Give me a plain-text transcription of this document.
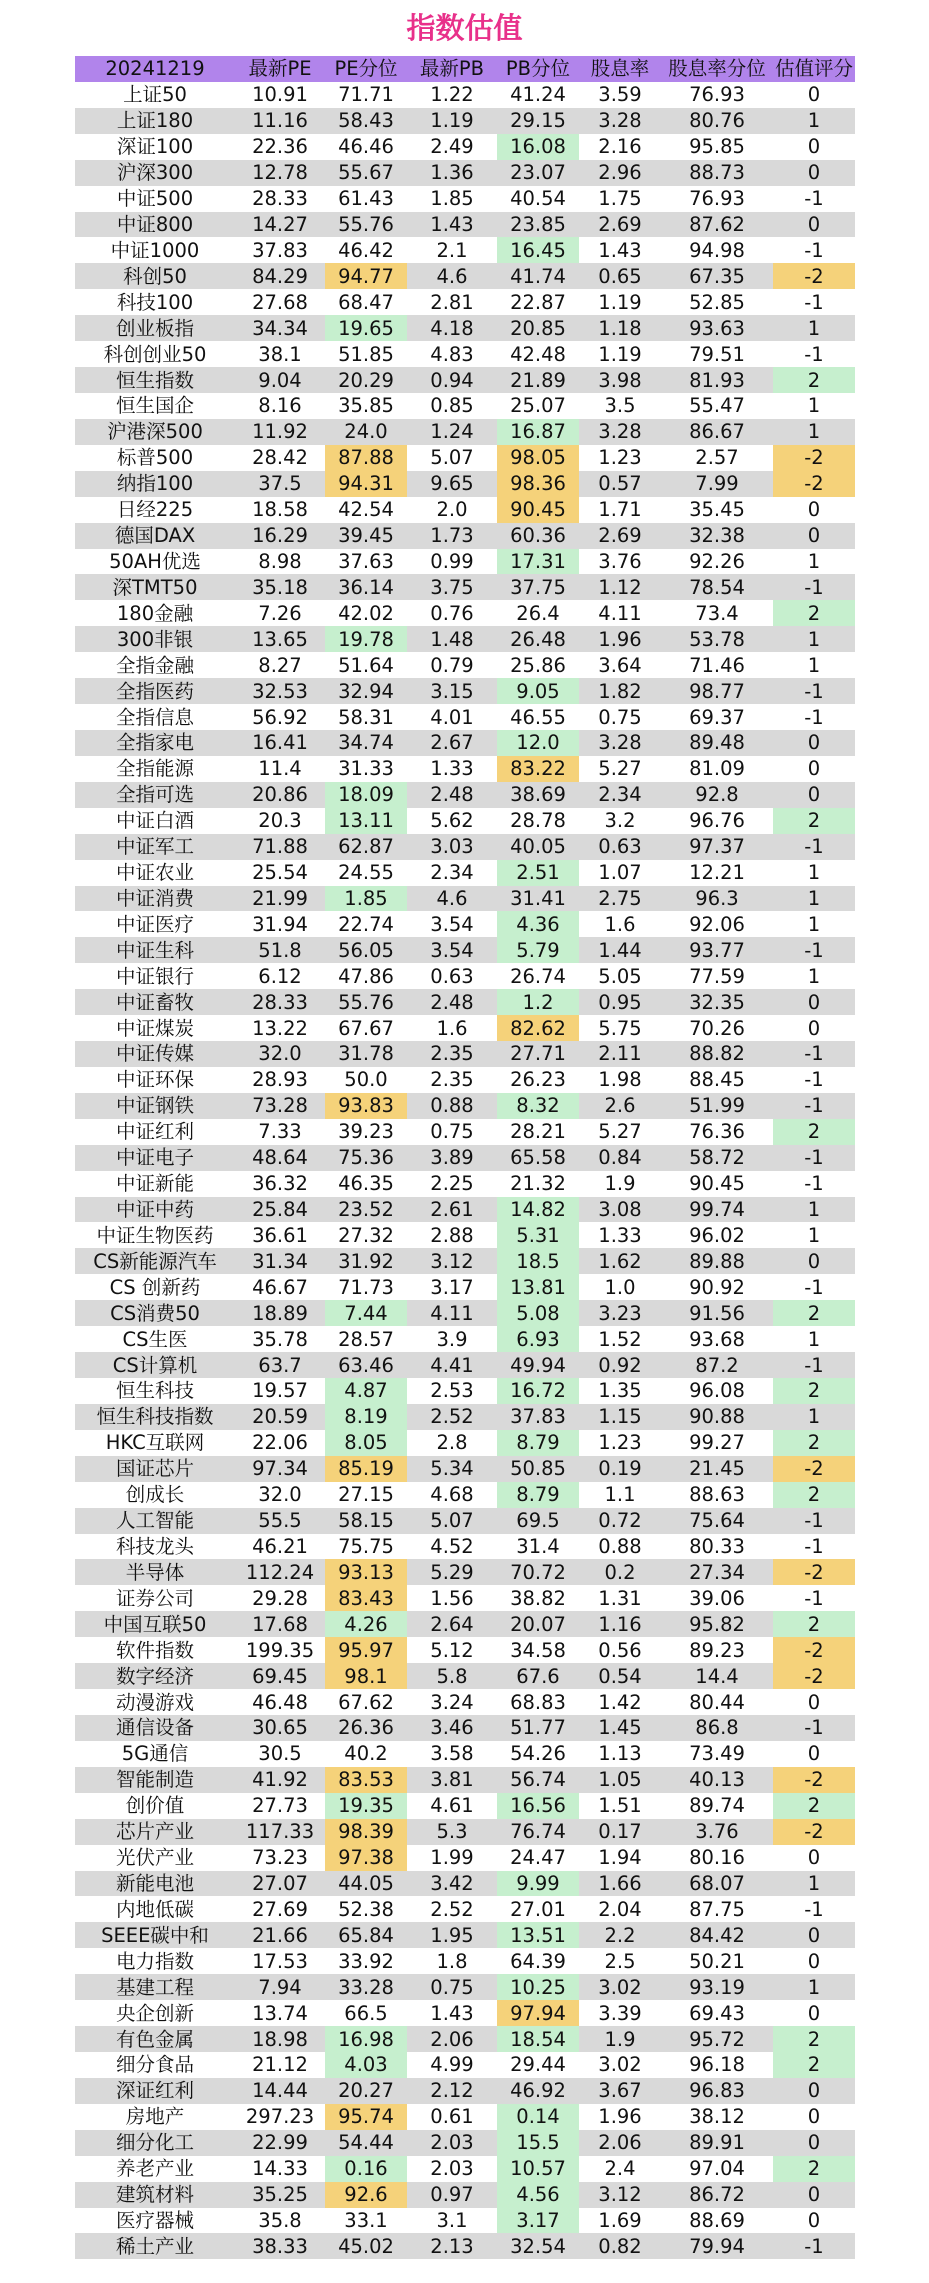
指数估值
20241219	最新PE	PE分位	最新PB	PB分位	股息率	股息率分位	估值评分
上证50	10.91	71.71	1.22	41.24	3.59	76.93	0
上证180	11.16	58.43	1.19	29.15	3.28	80.76	1
深证100	22.36	46.46	2.49	16.08	2.16	95.85	0
沪深300	12.78	55.67	1.36	23.07	2.96	88.73	0
中证500	28.33	61.43	1.85	40.54	1.75	76.93	-1
中证800	14.27	55.76	1.43	23.85	2.69	87.62	0
中证1000	37.83	46.42	2.1	16.45	1.43	94.98	-1
科创50	84.29	94.77	4.6	41.74	0.65	67.35	-2
科技100	27.68	68.47	2.81	22.87	1.19	52.85	-1
创业板指	34.34	19.65	4.18	20.85	1.18	93.63	1
科创创业50	38.1	51.85	4.83	42.48	1.19	79.51	-1
恒生指数	9.04	20.29	0.94	21.89	3.98	81.93	2
恒生国企	8.16	35.85	0.85	25.07	3.5	55.47	1
沪港深500	11.92	24.0	1.24	16.87	3.28	86.67	1
标普500	28.42	87.88	5.07	98.05	1.23	2.57	-2
纳指100	37.5	94.31	9.65	98.36	0.57	7.99	-2
日经225	18.58	42.54	2.0	90.45	1.71	35.45	0
德国DAX	16.29	39.45	1.73	60.36	2.69	32.38	0
50AH优选	8.98	37.63	0.99	17.31	3.76	92.26	1
深TMT50	35.18	36.14	3.75	37.75	1.12	78.54	-1
180金融	7.26	42.02	0.76	26.4	4.11	73.4	2
300非银	13.65	19.78	1.48	26.48	1.96	53.78	1
全指金融	8.27	51.64	0.79	25.86	3.64	71.46	1
全指医药	32.53	32.94	3.15	9.05	1.82	98.77	-1
全指信息	56.92	58.31	4.01	46.55	0.75	69.37	-1
全指家电	16.41	34.74	2.67	12.0	3.28	89.48	0
全指能源	11.4	31.33	1.33	83.22	5.27	81.09	0
全指可选	20.86	18.09	2.48	38.69	2.34	92.8	0
中证白酒	20.3	13.11	5.62	28.78	3.2	96.76	2
中证军工	71.88	62.87	3.03	40.05	0.63	97.37	-1
中证农业	25.54	24.55	2.34	2.51	1.07	12.21	1
中证消费	21.99	1.85	4.6	31.41	2.75	96.3	1
中证医疗	31.94	22.74	3.54	4.36	1.6	92.06	1
中证生科	51.8	56.05	3.54	5.79	1.44	93.77	-1
中证银行	6.12	47.86	0.63	26.74	5.05	77.59	1
中证畜牧	28.33	55.76	2.48	1.2	0.95	32.35	0
中证煤炭	13.22	67.67	1.6	82.62	5.75	70.26	0
中证传媒	32.0	31.78	2.35	27.71	2.11	88.82	-1
中证环保	28.93	50.0	2.35	26.23	1.98	88.45	-1
中证钢铁	73.28	93.83	0.88	8.32	2.6	51.99	-1
中证红利	7.33	39.23	0.75	28.21	5.27	76.36	2
中证电子	48.64	75.36	3.89	65.58	0.84	58.72	-1
中证新能	36.32	46.35	2.25	21.32	1.9	90.45	-1
中证中药	25.84	23.52	2.61	14.82	3.08	99.74	1
中证生物医药	36.61	27.32	2.88	5.31	1.33	96.02	1
CS新能源汽车	31.34	31.92	3.12	18.5	1.62	89.88	0
CS 创新药	46.67	71.73	3.17	13.81	1.0	90.92	-1
CS消费50	18.89	7.44	4.11	5.08	3.23	91.56	2
CS生医	35.78	28.57	3.9	6.93	1.52	93.68	1
CS计算机	63.7	63.46	4.41	49.94	0.92	87.2	-1
恒生科技	19.57	4.87	2.53	16.72	1.35	96.08	2
恒生科技指数	20.59	8.19	2.52	37.83	1.15	90.88	1
HKC互联网	22.06	8.05	2.8	8.79	1.23	99.27	2
国证芯片	97.34	85.19	5.34	50.85	0.19	21.45	-2
创成长	32.0	27.15	4.68	8.79	1.1	88.63	2
人工智能	55.5	58.15	5.07	69.5	0.72	75.64	-1
科技龙头	46.21	75.75	4.52	31.4	0.88	80.33	-1
半导体	112.24	93.13	5.29	70.72	0.2	27.34	-2
证券公司	29.28	83.43	1.56	38.82	1.31	39.06	-1
中国互联50	17.68	4.26	2.64	20.07	1.16	95.82	2
软件指数	199.35	95.97	5.12	34.58	0.56	89.23	-2
数字经济	69.45	98.1	5.8	67.6	0.54	14.4	-2
动漫游戏	46.48	67.62	3.24	68.83	1.42	80.44	0
通信设备	30.65	26.36	3.46	51.77	1.45	86.8	-1
5G通信	30.5	40.2	3.58	54.26	1.13	73.49	0
智能制造	41.92	83.53	3.81	56.74	1.05	40.13	-2
创价值	27.73	19.35	4.61	16.56	1.51	89.74	2
芯片产业	117.33	98.39	5.3	76.74	0.17	3.76	-2
光伏产业	73.23	97.38	1.99	24.47	1.94	80.16	0
新能电池	27.07	44.05	3.42	9.99	1.66	68.07	1
内地低碳	27.69	52.38	2.52	27.01	2.04	87.75	-1
SEEE碳中和	21.66	65.84	1.95	13.51	2.2	84.42	0
电力指数	17.53	33.92	1.8	64.39	2.5	50.21	0
基建工程	7.94	33.28	0.75	10.25	3.02	93.19	1
央企创新	13.74	66.5	1.43	97.94	3.39	69.43	0
有色金属	18.98	16.98	2.06	18.54	1.9	95.72	2
细分食品	21.12	4.03	4.99	29.44	3.02	96.18	2
深证红利	14.44	20.27	2.12	46.92	3.67	96.83	0
房地产	297.23	95.74	0.61	0.14	1.96	38.12	0
细分化工	22.99	54.44	2.03	15.5	2.06	89.91	0
养老产业	14.33	0.16	2.03	10.57	2.4	97.04	2
建筑材料	35.25	92.6	0.97	4.56	3.12	86.72	0
医疗器械	35.8	33.1	3.1	3.17	1.69	88.69	0
稀土产业	38.33	45.02	2.13	32.54	0.82	79.94	-1
